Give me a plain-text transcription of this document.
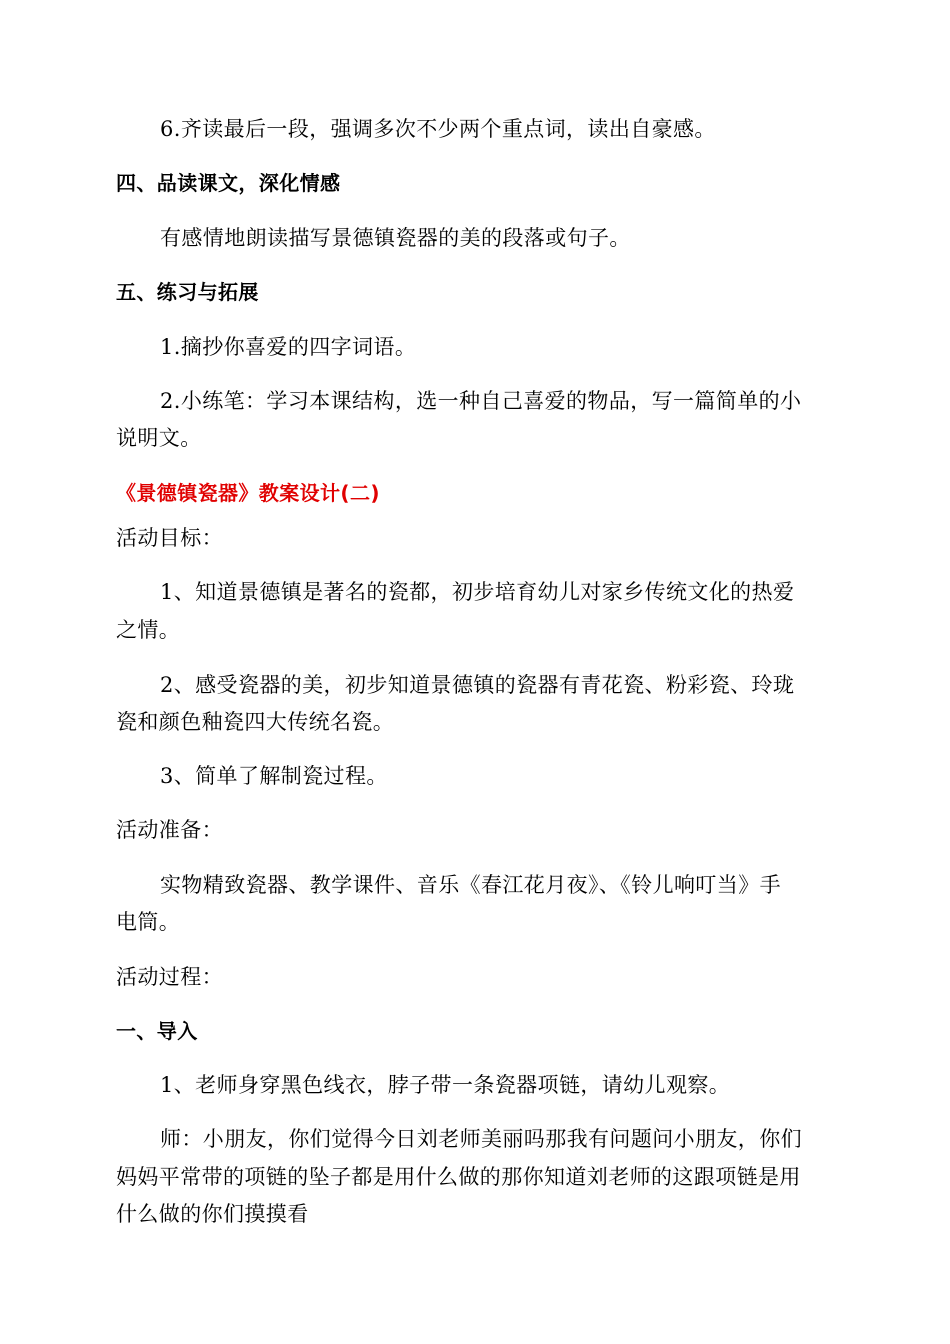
6.齐读最后一段，强调多次不少两个重点词，读出自豪感。
四、品读课文，深化情感
有感情地朗读描写景德镇瓷器的美的段落或句子。
五、练习与拓展
1.摘抄你喜爱的四字词语。
2.小练笔：学习本课结构，选一种自己喜爱的物品，写一篇简单的小
说明文。
《景德镇瓷器》教案设计(二)
活动目标：
1、知道景德镇是著名的瓷都，初步培育幼儿对家乡传统文化的热爱
之情。
2、感受瓷器的美，初步知道景德镇的瓷器有青花瓷、粉彩瓷、玲珑
瓷和颜色釉瓷四大传统名瓷。
3、简单了解制瓷过程。
活动准备：
实物精致瓷器、教学课件、音乐《春江花月夜》、《铃儿响叮当》手
电筒。
活动过程：
一、导入
1、老师身穿黑色线衣，脖子带一条瓷器项链，请幼儿观察。
师：小朋友，你们觉得今日刘老师美丽吗那我有问题问小朋友，你们
妈妈平常带的项链的坠子都是用什么做的那你知道刘老师的这跟项链是用
什么做的你们摸摸看
